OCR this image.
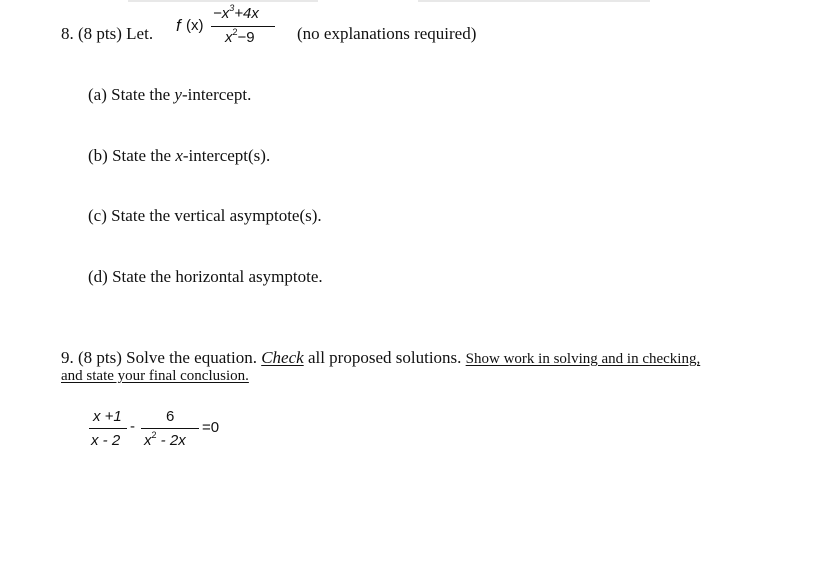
8. (8 pts) Let. f (x)
$-x^3+4x$
$x^2-9$ (no explanations required)
(a) State the y-intercept.
(b) State the x-intercept(s).
(c) State the vertical asymptote(s).
(d) State the horizontal asymptote.
9. (8 pts) Solve the equation. Check all proposed solutions. Show work in solving and in checking,
and state your final conclusion.
x +1
x - 2
-
6
$x^2 - 2x$
=0
